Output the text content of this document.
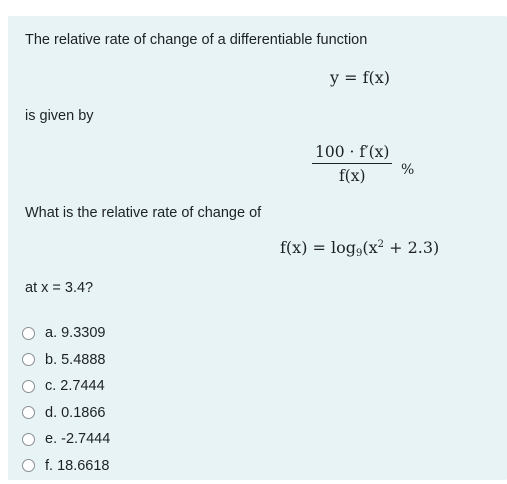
The relative rate of change of a differentiable function
y = f(x)
is given by
100 · f′(x)
f(x)	%
What is the relative rate of change of
$f(x) = \log_9(x^2 + 2.3)$
at x = 3.4?
a. 9.3309
b. 5.4888
c. 2.7444
d. 0.1866
e. -2.7444
f. 18.6618
